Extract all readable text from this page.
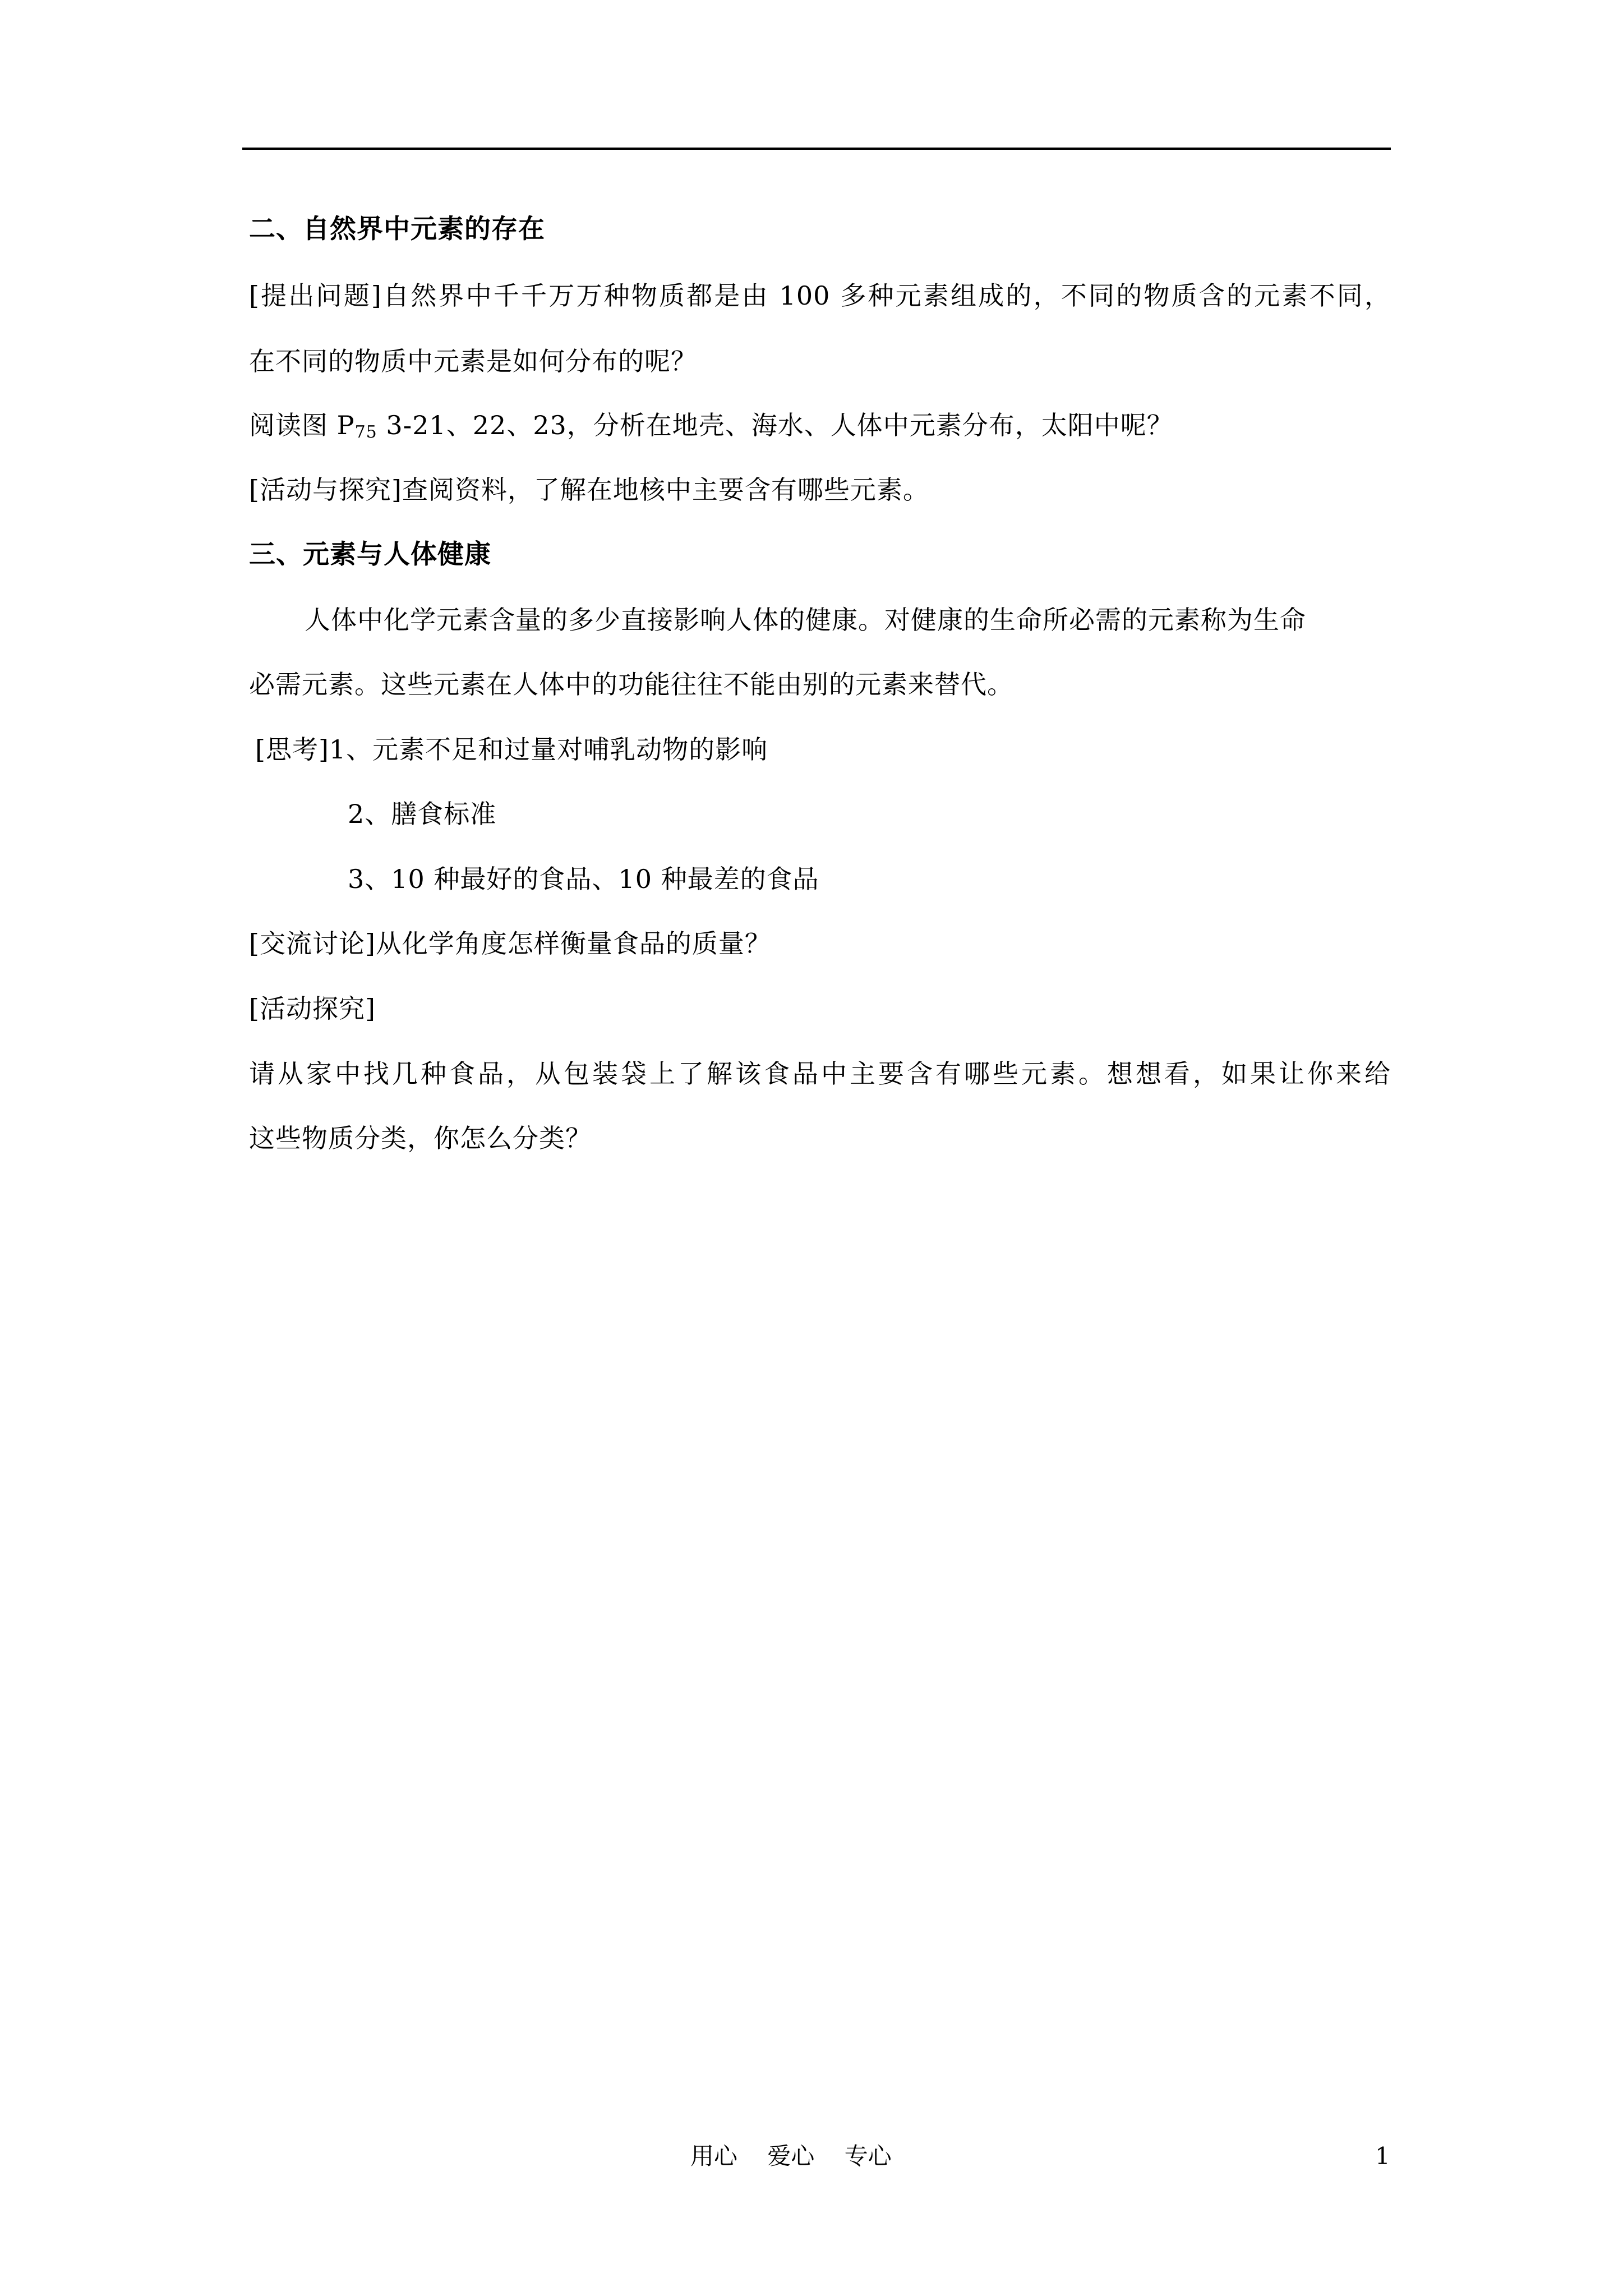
二、自然界中元素的存在
[提出问题]自然界中千千万万种物质都是由 100 多种元素组成的，不同的物质含的元素不同，
在不同的物质中元素是如何分布的呢？
阅读图 $P_{75}$ 3-21、22、23，分析在地壳、海水、人体中元素分布，太阳中呢？
[活动与探究]查阅资料，了解在地核中主要含有哪些元素。
三、元素与人体健康
人体中化学元素含量的多少直接影响人体的健康。对健康的生命所必需的元素称为生命
必需元素。这些元素在人体中的功能往往不能由别的元素来替代。
[思考]1、元素不足和过量对哺乳动物的影响
2、膳食标准
3、10 种最好的食品、10 种最差的食品
[交流讨论]从化学角度怎样衡量食品的质量？
[活动探究]
请从家中找几种食品，从包装袋上了解该食品中主要含有哪些元素。想想看，如果让你来给
这些物质分类，你怎么分类？
用心    爱心    专心	1
